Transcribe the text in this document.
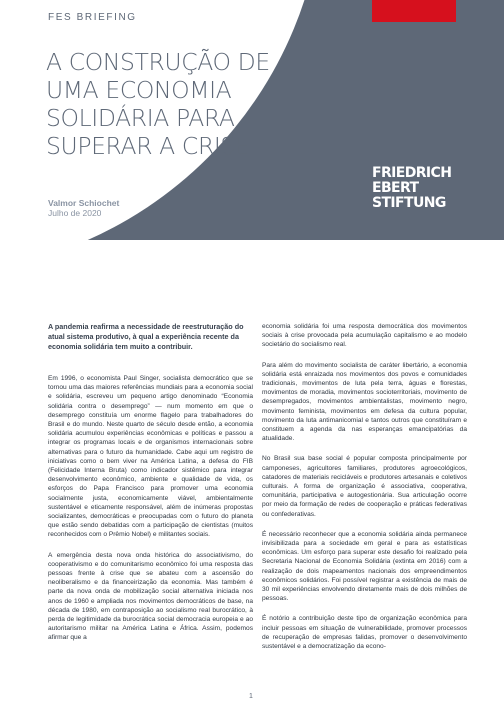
FRIEDRICH
EBERT
STIFTUNG
FES BRIEFING
A CONSTRUÇÃO DE
UMA ECONOMIA
SOLIDÁRIA PARA
SUPERAR A CRISE
Valmor Schiochet
Julho de 2020

A pandemia reafirma a necessidade de reestruturação do atual sistema produtivo, à qual a experiência recente da economia solidária tem muito a contribuir.

Em 1996, o economista Paul Singer, socialista democrático que se tornou uma das maiores referências mundiais para a economia social e solidária, escreveu um pequeno artigo denominado “Economia solidária contra o desemprego” — num momento em que o desemprego constituía um enorme flagelo para trabalhadores do Brasil e do mundo. Neste quarto de século desde então, a economia solidária acumulou experiências econômicas e políticas e passou a integrar os programas locais e de organismos internacionais sobre alternativas para o futuro da humanidade. Cabe aqui um registro de iniciativas como o bem viver na América Latina, a defesa do FIB (Felicidade Interna Bruta) como indicador sistêmico para integrar desenvolvimento econômico, ambiente e qualidade de vida, os esforços do Papa Francisco para promover uma economia socialmente justa, economicamente viável, ambientalmente sustentável e eticamente responsável, além de inúmeras propostas socializantes, democráticas e preocupadas com o futuro do planeta que estão sendo debatidas com a participação de cientistas (muitos reconhecidos com o Prêmio Nobel) e militantes sociais.

A emergência desta nova onda histórica do associativismo, do cooperativismo e do comunitarismo econômico foi uma resposta das pessoas frente à crise que se abateu com a ascensão do neoliberalismo e da financeirização da economia. Mas também é parte da nova onda de mobilização social alternativa iniciada nos anos de 1960 e ampliada nos movimentos democráticos de base, na década de 1980, em contraposição ao socialismo real burocrático, à perda de legitimidade da burocrática social democracia europeia e ao autoritarismo militar na América Latina e África. Assim, podemos afirmar que a

economia solidária foi uma resposta democrática dos movimentos sociais à crise provocada pela acumulação capitalismo e ao modelo societário do socialismo real.

Para além do movimento socialista de caráter libertário, a economia solidária está enraizada nos movimentos dos povos e comunidades tradicionais, movimentos de luta pela terra, águas e florestas, movimentos de moradia, movimentos socioterritoriais, movimento de desempregados, movimentos ambientalistas, movimento negro, movimento feminista, movimentos em defesa da cultura popular, movimento da luta antimanicomial e tantos outros que constituíram e constituem a agenda da nas esperanças emancipatórias da atualidade.

No Brasil sua base social é popular composta principalmente por camponeses, agricultores familiares, produtores agroecológicos, catadores de materiais recicláveis e produtores artesanais e coletivos culturais. A forma de organização é associativa, cooperativa, comunitária, participativa e autogestionária. Sua articulação ocorre por meio da formação de redes de cooperação e práticas federativas ou confederativas.

É necessário reconhecer que a economia solidária ainda permanece invisibilizada para a sociedade em geral e para as estatísticas econômicas. Um esforço para superar este desafio foi realizado pela Secretaria Nacional de Economia Solidária (extinta em 2016) com a realização de dois mapeamentos nacionais dos empreendimentos econômicos solidários. Foi possível registrar a existência de mais de 30 mil experiências envolvendo diretamente mais de dois milhões de pessoas.

É notório a contribuição deste tipo de organização econômica para incluir pessoas em situação de vulnerabilidade, promover processos de recuperação de empresas falidas, promover o desenvolvimento sustentável e a democratização da econo-

1
